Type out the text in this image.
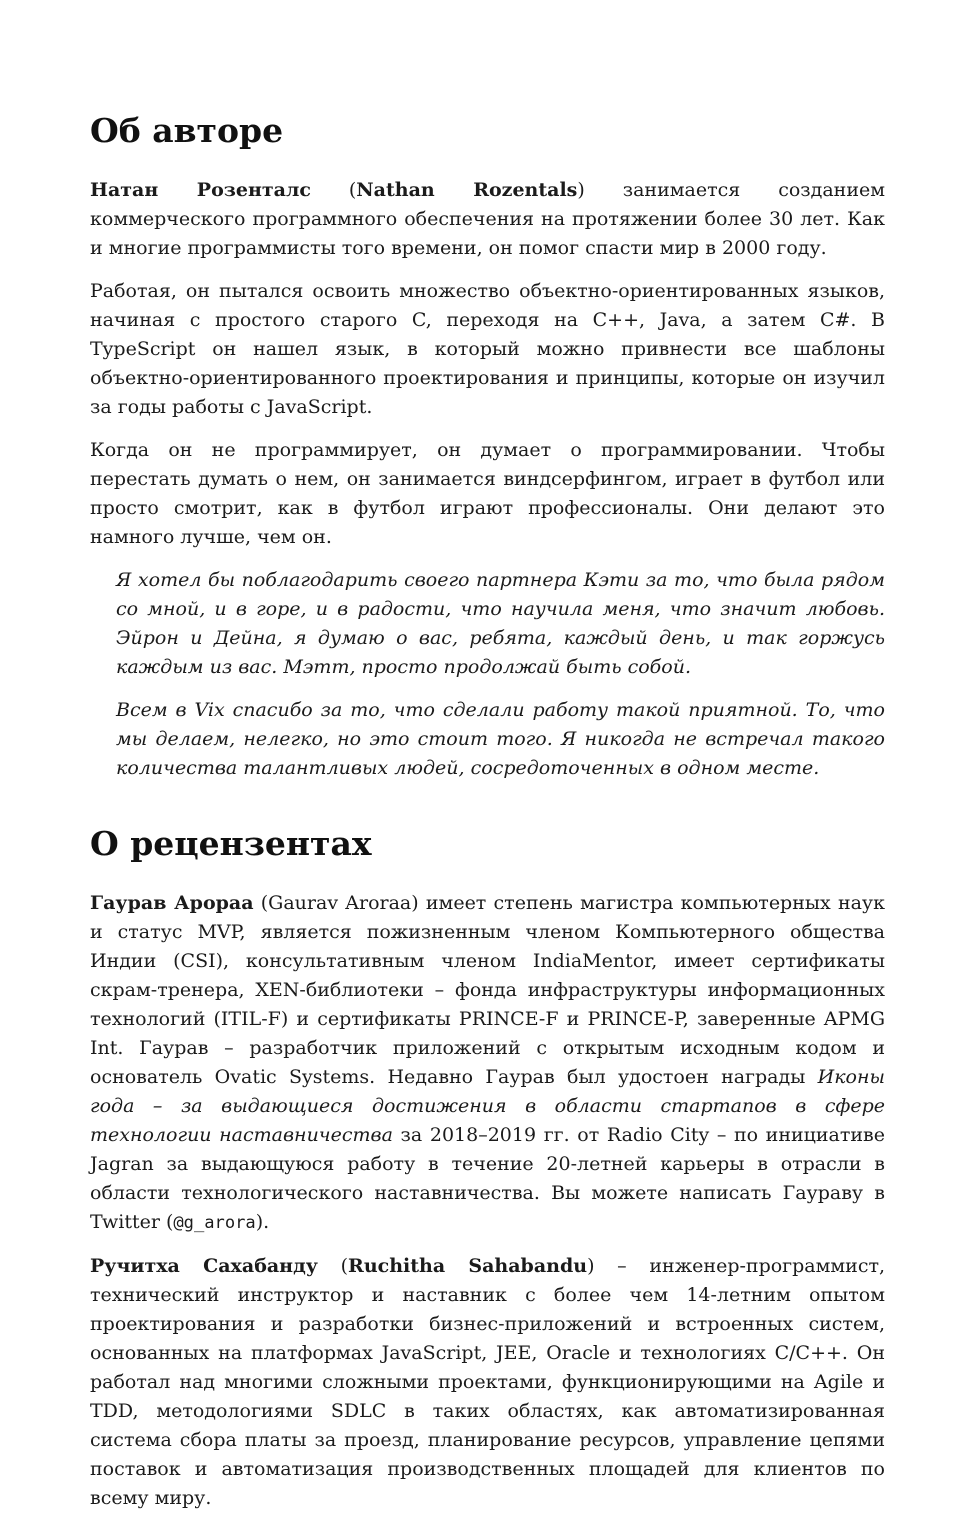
Об авторе

Натан Розенталс (Nathan Rozentals) занимается созданием коммерческого программного обеспечения на протяжении более 30 лет. Как и многие программисты того времени, он помог спасти мир в 2000 году.

Работая, он пытался освоить множество объектно-ориентированных языков, начиная с простого старого C, переходя на C++, Java, а затем C#. В TypeScript он нашел язык, в который можно привнести все шаблоны объектно-ориентированного проектирования и принципы, которые он изучил за годы работы с JavaScript.

Когда он не программирует, он думает о программировании. Чтобы перестать думать о нем, он занимается виндсерфингом, играет в футбол или просто смотрит, как в футбол играют профессионалы. Они делают это намного лучше, чем он.

Я хотел бы поблагодарить своего партнера Кэти за то, что была рядом со мной, и в горе, и в радости, что научила меня, что значит любовь. Эйрон и Дейна, я думаю о вас, ребята, каждый день, и так горжусь каждым из вас. Мэтт, просто продолжай быть собой.

Всем в Vix спасибо за то, что сделали работу такой приятной. То, что мы делаем, нелегко, но это стоит того. Я никогда не встречал такого количества талантливых людей, сосредоточенных в одном месте.

О рецензентах

Гаурав Арораа (Gaurav Aroraa) имеет степень магистра компьютерных наук и статус MVP, является пожизненным членом Компьютерного общества Индии (CSI), консультативным членом IndiaMentor, имеет сертификаты скрам-тренера, XEN-библиотеки – фонда инфраструктуры информационных технологий (ITIL-F) и сертификаты PRINCE-F и PRINCE-P, заверенные APMG Int. Гаурав – разработчик приложений с открытым исходным кодом и основатель Ovatic Systems. Недавно Гаурав был удостоен награды Иконы года – за выдающиеся достижения в области стартапов в сфере технологии наставничества за 2018–2019 гг. от Radio City – по инициативе Jagran за выдающуюся работу в течение 20-летней карьеры в отрасли в области технологического наставничества. Вы можете написать Гаураву в Twitter (@g_arora).

Ручитха Сахабанду (Ruchitha Sahabandu) – инженер-программист, технический инструктор и наставник с более чем 14-летним опытом проектирования и разработки бизнес-приложений и встроенных систем, основанных на платформах JavaScript, JEE, Oracle и технологиях C/C++. Он работал над многими сложными проектами, функционирующими на Agile и TDD, методологиями SDLC в таких областях, как автоматизированная система сбора платы за проезд, планирование ресурсов, управление цепями поставок и автоматизация производственных площадей для клиентов по всему миру.
